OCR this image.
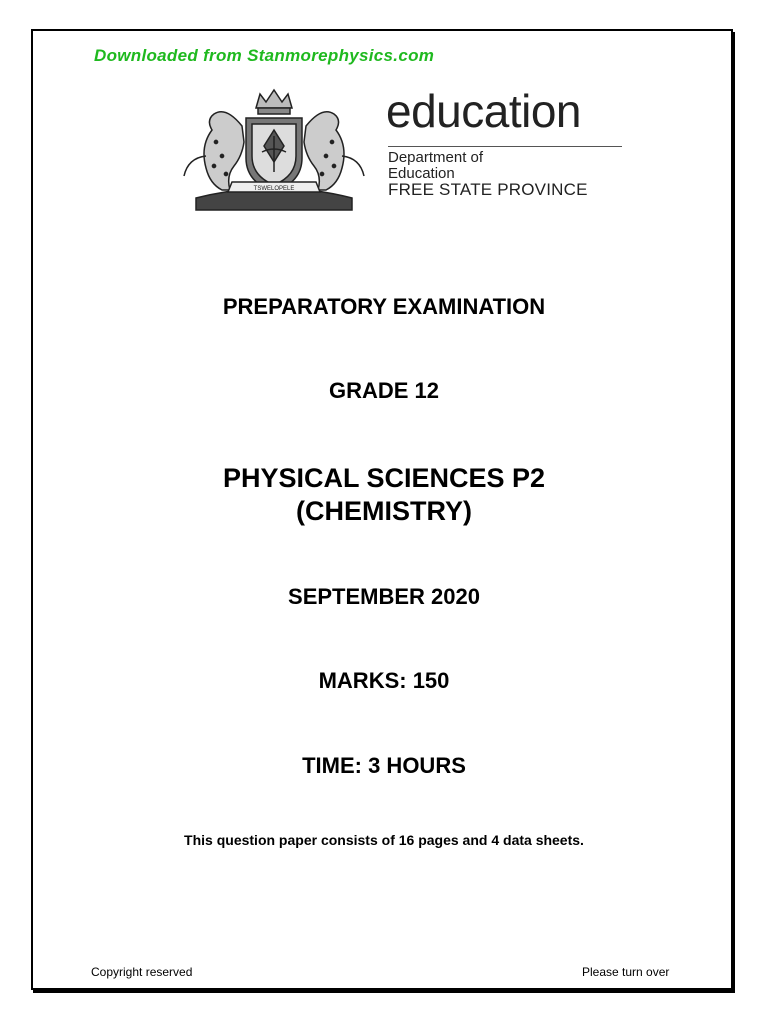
Downloaded from Stanmorephysics.com
TSWELOPELE
education
Department of
Education
FREE STATE PROVINCE
PREPARATORY EXAMINATION
GRADE 12
PHYSICAL SCIENCES P2
(CHEMISTRY)
SEPTEMBER 2020
MARKS: 150
TIME: 3 HOURS
This question paper consists of 16 pages and 4 data sheets.
Copyright reserved	Please turn over
